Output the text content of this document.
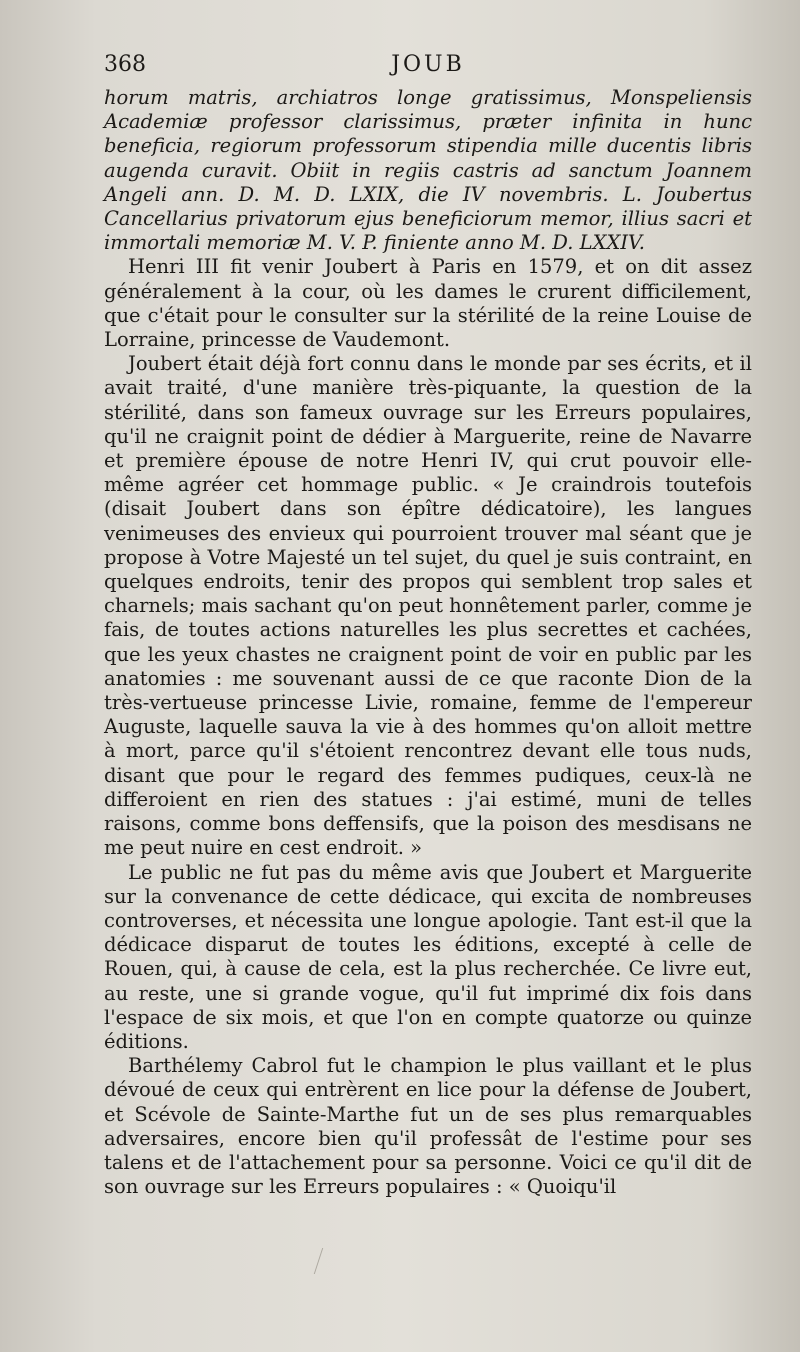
368	JOUB

horum matris, archiatros longe gratissimus, Monspeliensis Academiæ professor clarissimus, præter infinita in hunc beneficia, regiorum professorum stipendia mille ducentis libris augenda curavit. Obiit in regiis castris ad sanctum Joannem Angeli ann. D. M. D. LXIX, die IV novembris. L. Joubertus Cancellarius privatorum ejus beneficiorum memor, illius sacri et immortali memoriæ M. V. P. finiente anno M. D. LXXIV.

Henri III fit venir Joubert à Paris en 1579, et on dit assez généralement à la cour, où les dames le crurent difficilement, que c'était pour le consulter sur la stérilité de la reine Louise de Lorraine, princesse de Vaudemont.

Joubert était déjà fort connu dans le monde par ses écrits, et il avait traité, d'une manière très-piquante, la question de la stérilité, dans son fameux ouvrage sur les Erreurs populaires, qu'il ne craignit point de dédier à Marguerite, reine de Navarre et première épouse de notre Henri IV, qui crut pouvoir elle-même agréer cet hommage public. « Je craindrois toutefois (disait Joubert dans son épître dédicatoire), les langues venimeuses des envieux qui pourroient trouver mal séant que je propose à Votre Majesté un tel sujet, du quel je suis contraint, en quelques endroits, tenir des propos qui semblent trop sales et charnels; mais sachant qu'on peut honnêtement parler, comme je fais, de toutes actions naturelles les plus secrettes et cachées, que les yeux chastes ne craignent point de voir en public par les anatomies : me souvenant aussi de ce que raconte Dion de la très-vertueuse princesse Livie, romaine, femme de l'empereur Auguste, laquelle sauva la vie à des hommes qu'on alloit mettre à mort, parce qu'il s'étoient rencontrez devant elle tous nuds, disant que pour le regard des femmes pudiques, ceux-là ne differoient en rien des statues : j'ai estimé, muni de telles raisons, comme bons deffensifs, que la poison des mesdisans ne me peut nuire en cest endroit. »

Le public ne fut pas du même avis que Joubert et Marguerite sur la convenance de cette dédicace, qui excita de nombreuses controverses, et nécessita une longue apologie. Tant est-il que la dédicace disparut de toutes les éditions, excepté à celle de Rouen, qui, à cause de cela, est la plus recherchée. Ce livre eut, au reste, une si grande vogue, qu'il fut imprimé dix fois dans l'espace de six mois, et que l'on en compte quatorze ou quinze éditions.

Barthélemy Cabrol fut le champion le plus vaillant et le plus dévoué de ceux qui entrèrent en lice pour la défense de Joubert, et Scévole de Sainte-Marthe fut un de ses plus remarquables adversaires, encore bien qu'il professât de l'estime pour ses talens et de l'attachement pour sa personne. Voici ce qu'il dit de son ouvrage sur les Erreurs populaires : « Quoiqu'il
